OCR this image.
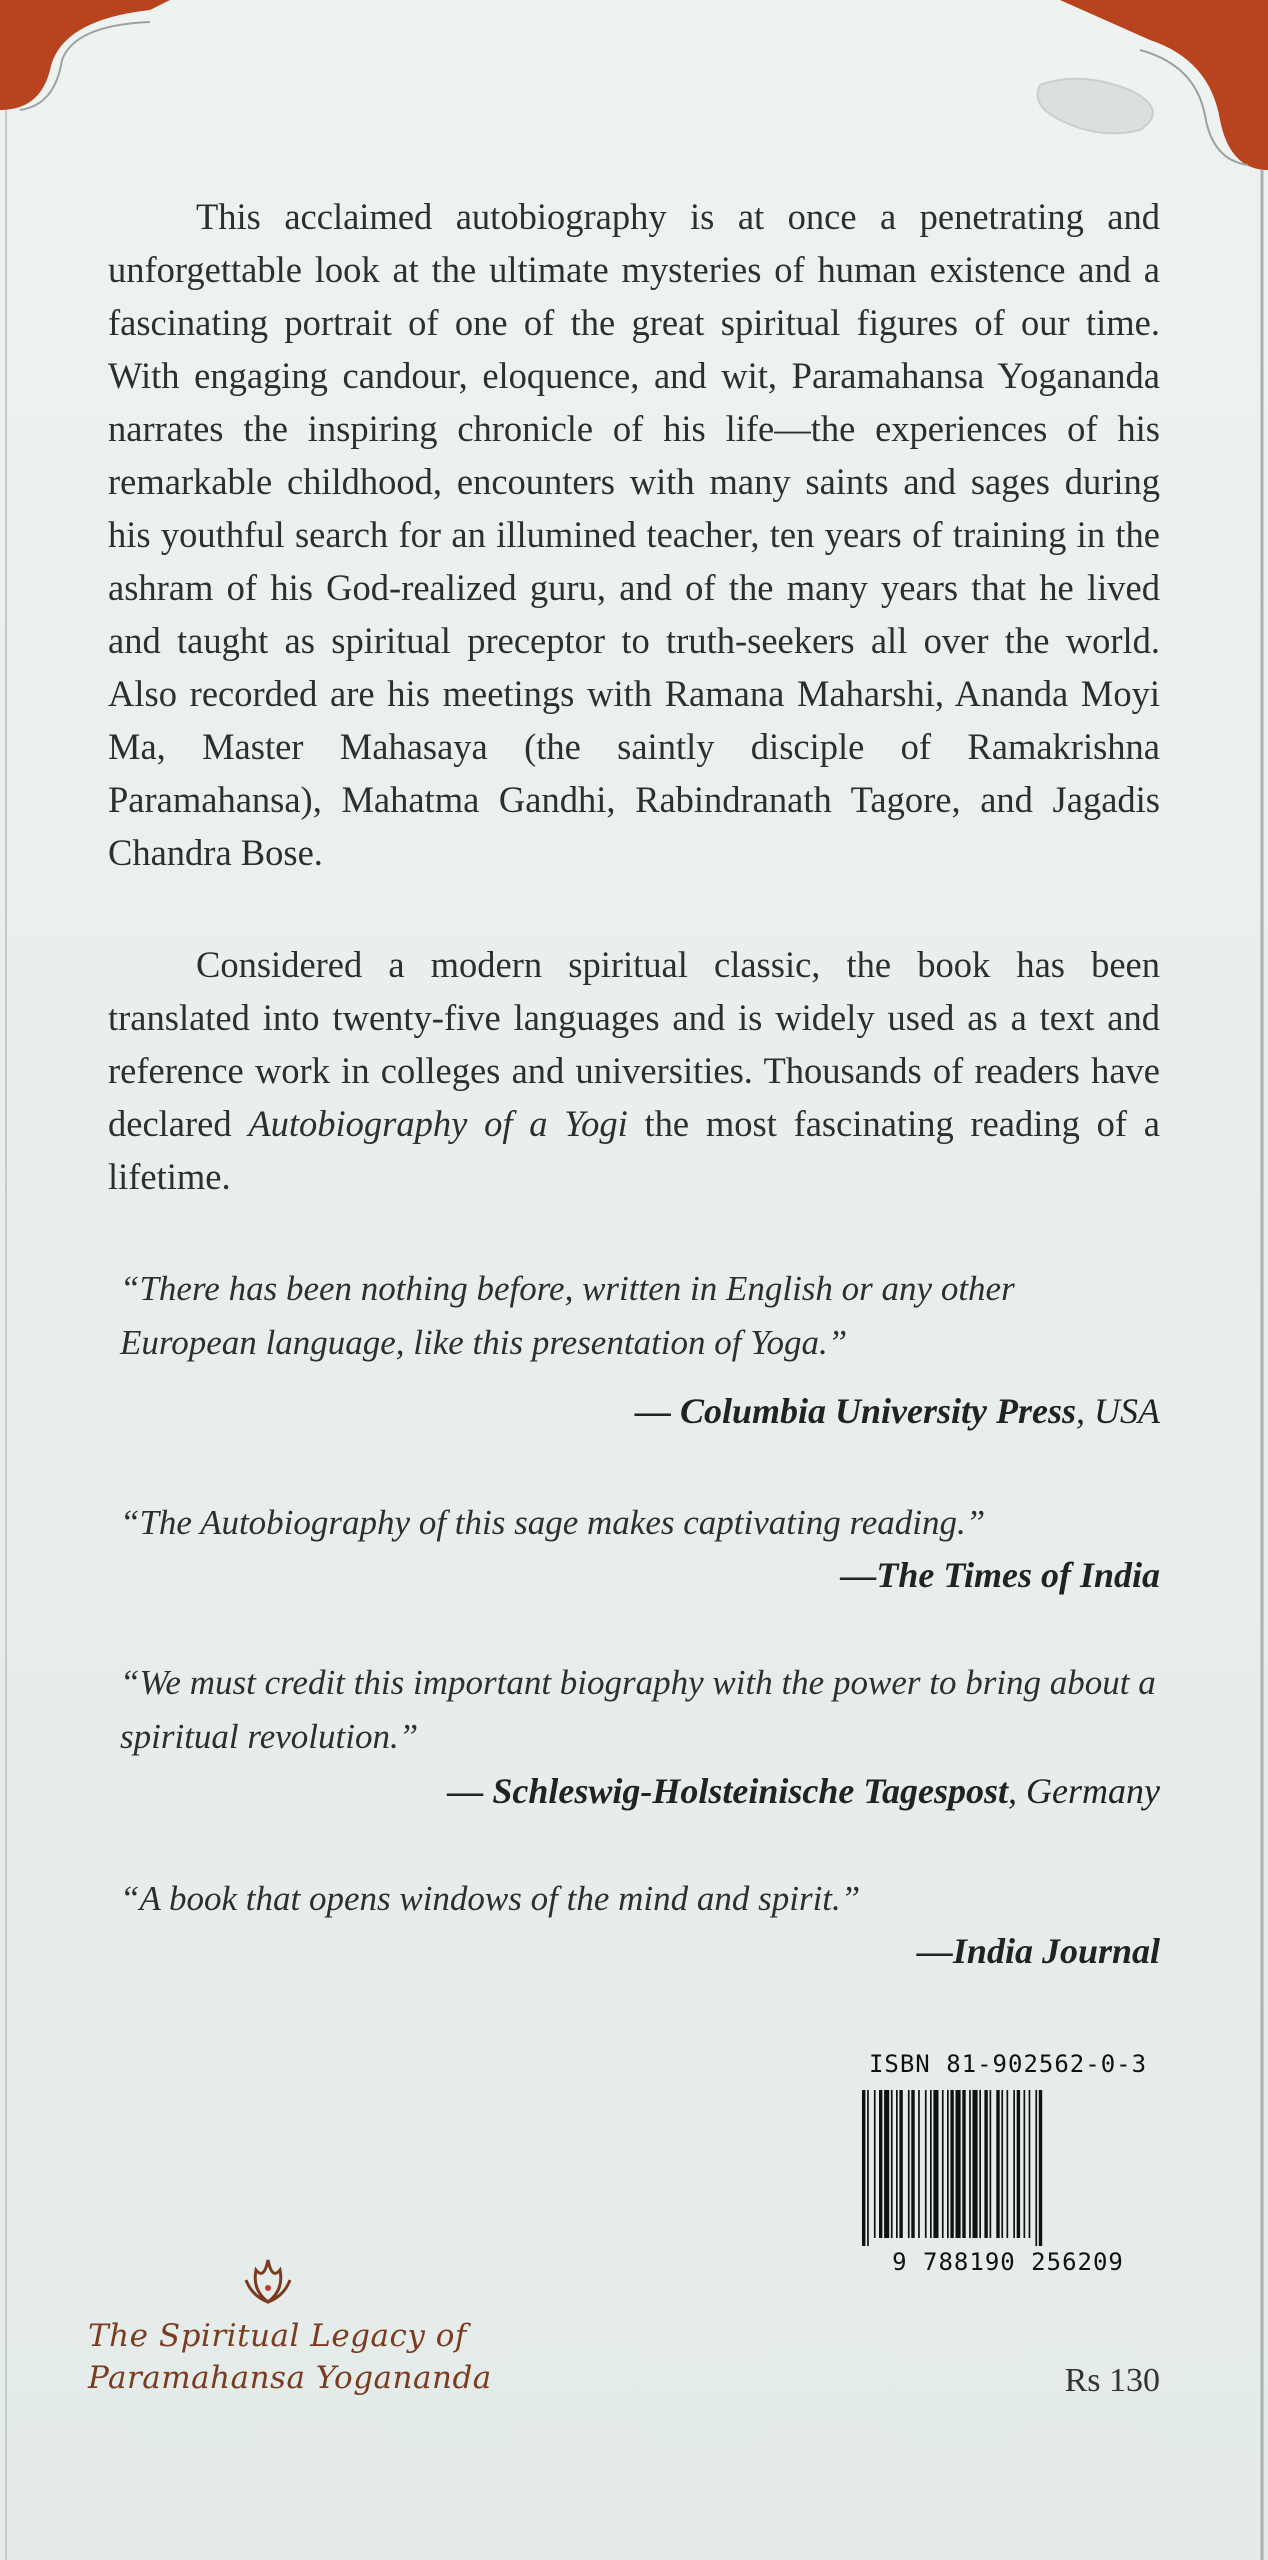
This acclaimed autobiography is at once a penetrating and unforgettable look at the ultimate mysteries of human existence and a fascinating portrait of one of the great spiritual figures of our time. With engaging candour, eloquence, and wit, Paramahansa Yogananda narrates the inspiring chronicle of his life—the experiences of his remarkable childhood, encounters with many saints and sages during his youthful search for an illumined teacher, ten years of training in the ashram of his God-realized guru, and of the many years that he lived and taught as spiritual preceptor to truth-seekers all over the world. Also recorded are his meetings with Ramana Maharshi, Ananda Moyi Ma, Master Mahasaya (the saintly disciple of Ramakrishna Paramahansa), Mahatma Gandhi, Rabindranath Tagore, and Jagadis Chandra Bose.

Considered a modern spiritual classic, the book has been translated into twenty-five languages and is widely used as a text and reference work in colleges and universities. Thousands of readers have declared Autobiography of a Yogi the most fascinating reading of a lifetime.

“There has been nothing before, written in English or any other European language, like this presentation of Yoga.”
— Columbia University Press, USA
“The Autobiography of this sage makes captivating reading.”
—The Times of India
“We must credit this important biography with the power to bring about a spiritual revolution.”
— Schleswig-Holsteinische Tagespost, Germany
“A book that opens windows of the mind and spirit.”
—India Journal
ISBN 81-902562-0-3
9 788190 256209
The Spiritual Legacy of
Paramahansa Yogananda	Rs 130
